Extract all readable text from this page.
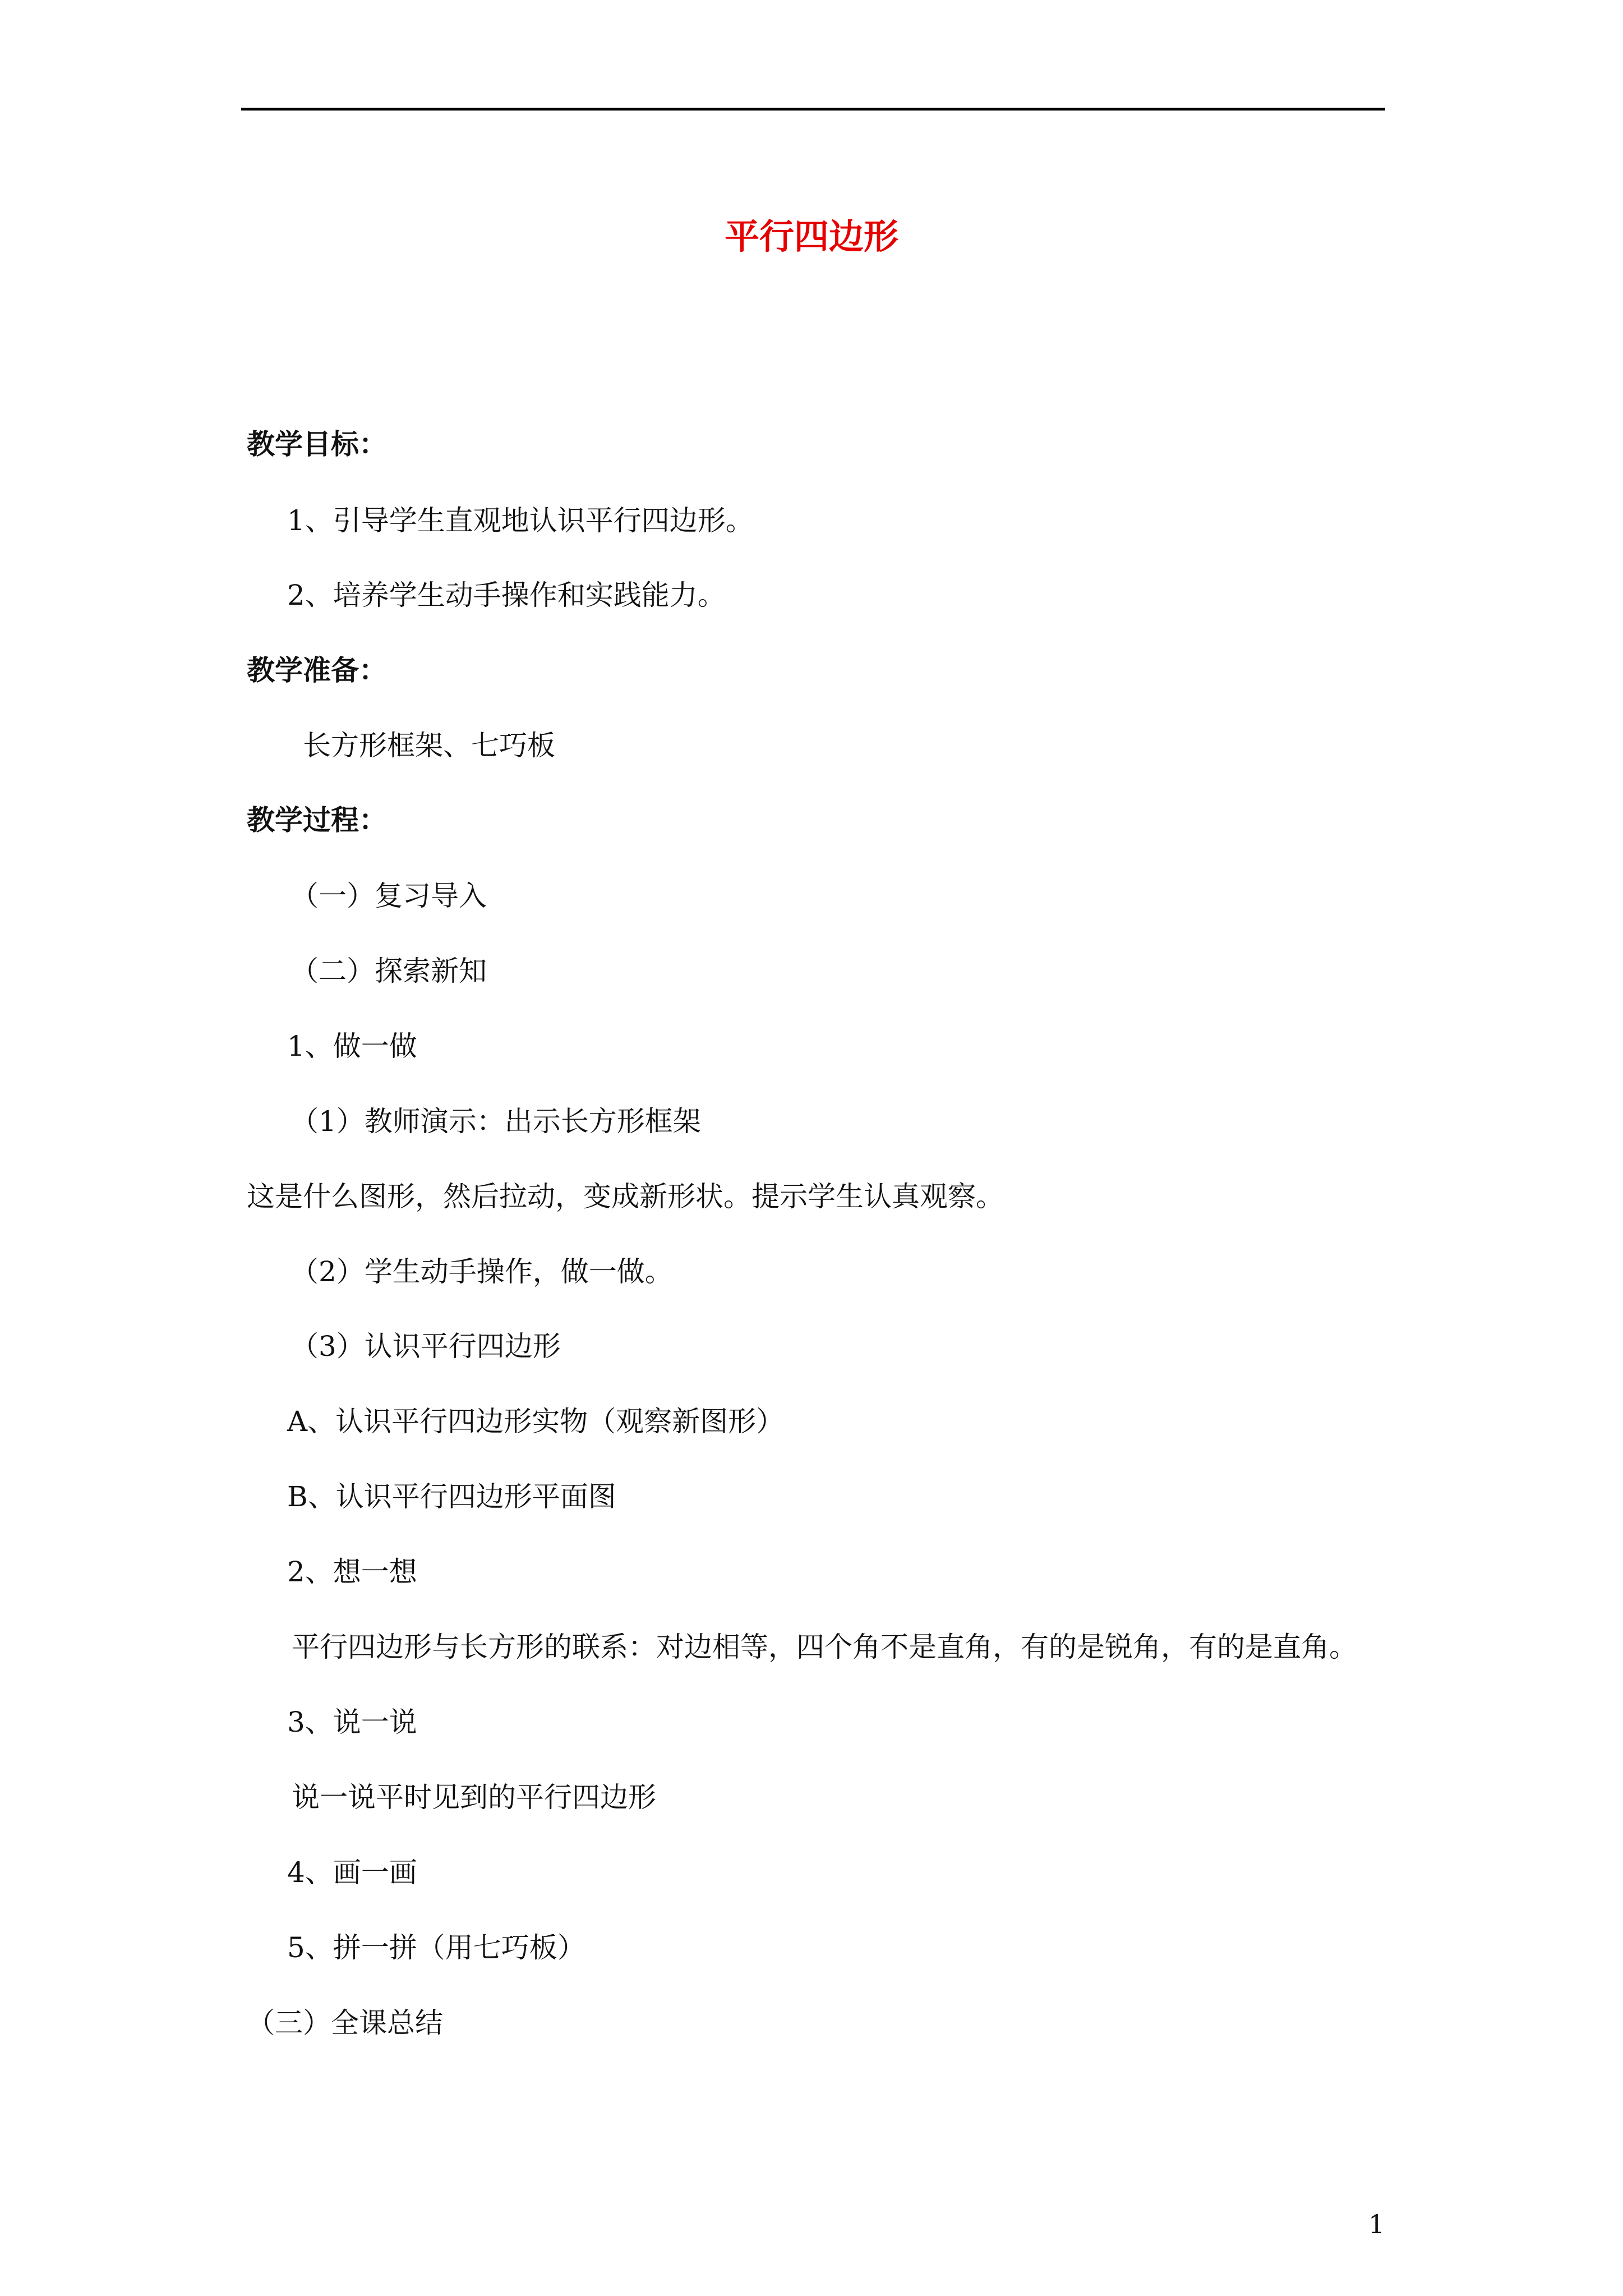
平行四边形
教学目标：
1、引导学生直观地认识平行四边形。
2、培养学生动手操作和实践能力。
教学准备：
长方形框架、七巧板
教学过程：
（一）复习导入
（二）探索新知
1、做一做
（1）教师演示：出示长方形框架
这是什么图形，然后拉动，变成新形状。提示学生认真观察。
（2）学生动手操作，做一做。
（3）认识平行四边形
A、认识平行四边形实物（观察新图形）
B、认识平行四边形平面图
2、想一想
平行四边形与长方形的联系：对边相等，四个角不是直角，有的是锐角，有的是直角。
3、说一说
说一说平时见到的平行四边形
4、画一画
5、拼一拼（用七巧板）
（三）全课总结
1
